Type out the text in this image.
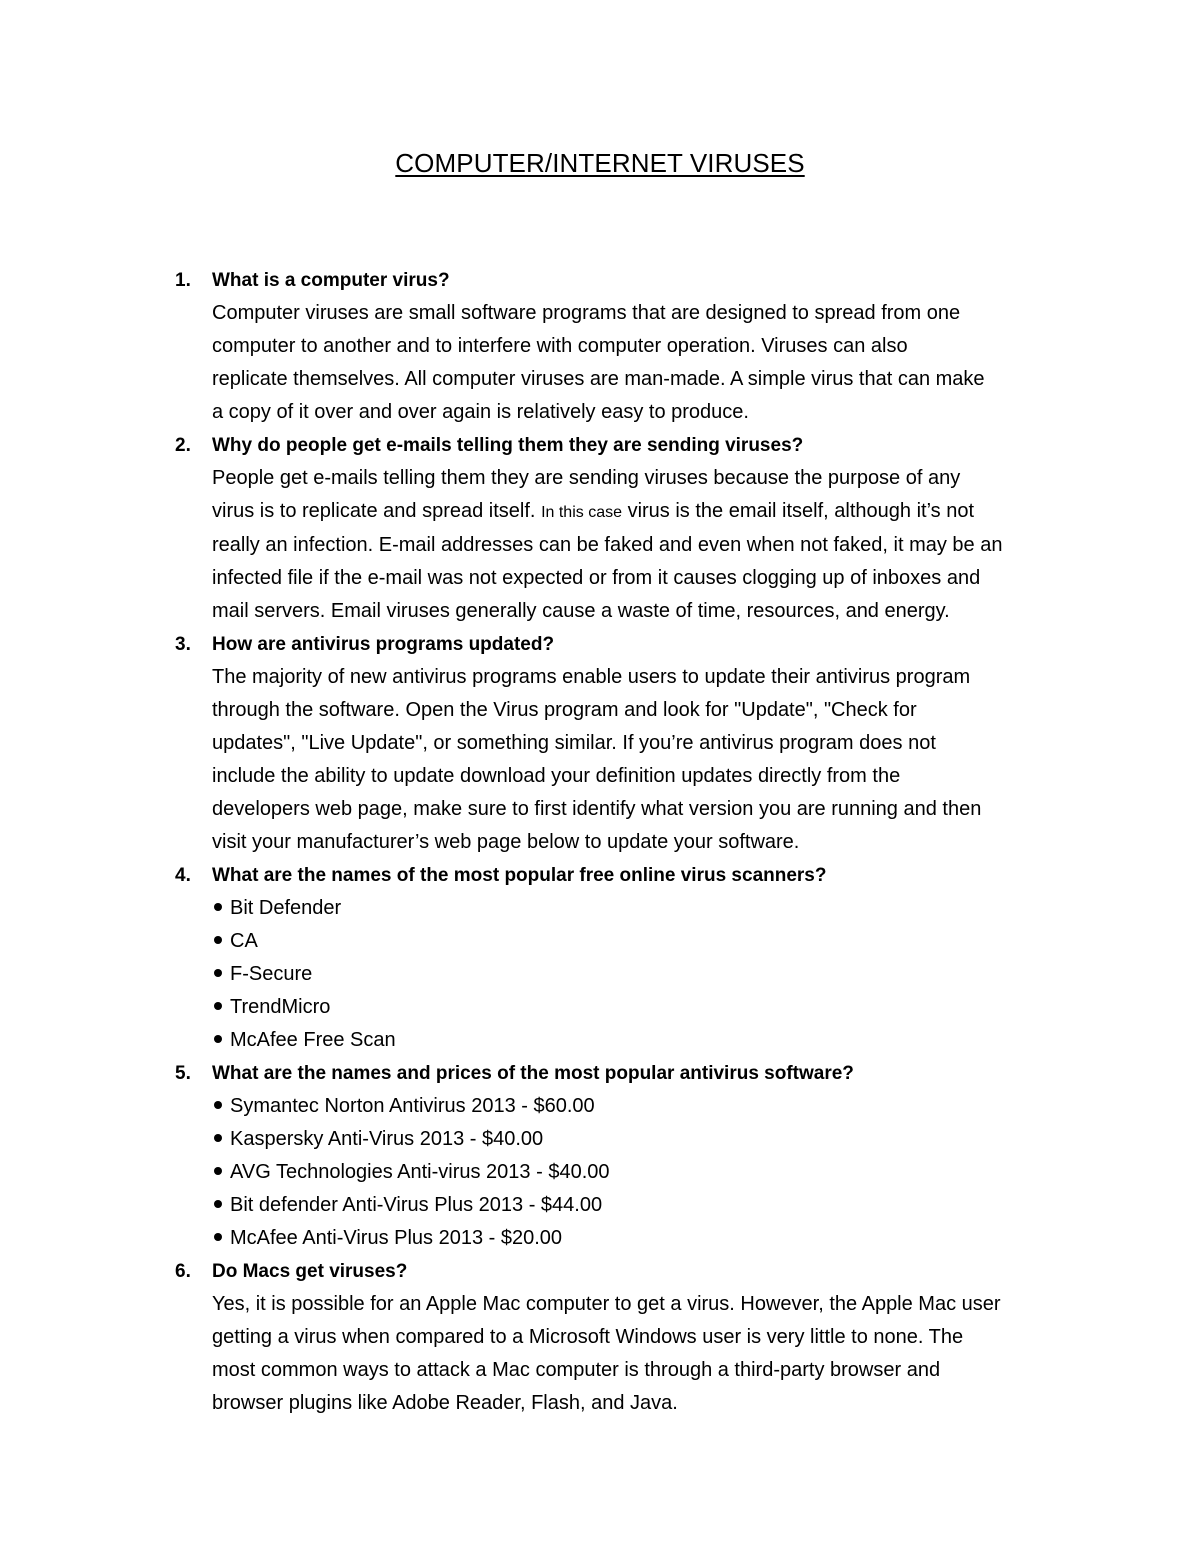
COMPUTER/INTERNET VIRUSES
1. What is a computer virus?
Computer viruses are small software programs that are designed to spread from one
computer to another and to interfere with computer operation. Viruses can also
replicate themselves. All computer viruses are man-made. A simple virus that can make
a copy of it over and over again is relatively easy to produce.
2. Why do people get e-mails telling them they are sending viruses?
People get e-mails telling them they are sending viruses because the purpose of any
virus is to replicate and spread itself. In this case virus is the email itself, although it’s not
really an infection. E-mail addresses can be faked and even when not faked, it may be an
infected file if the e-mail was not expected or from it causes clogging up of inboxes and
mail servers. Email viruses generally cause a waste of time, resources, and energy.
3. How are antivirus programs updated?
The majority of new antivirus programs enable users to update their antivirus program
through the software. Open the Virus program and look for "Update", "Check for
updates", "Live Update", or something similar. If you’re antivirus program does not
include the ability to update download your definition updates directly from the
developers web page, make sure to first identify what version you are running and then
visit your manufacturer’s web page below to update your software.
4. What are the names of the most popular free online virus scanners?
Bit Defender
CA
F-Secure
TrendMicro
McAfee Free Scan
5. What are the names and prices of the most popular antivirus software?
Symantec Norton Antivirus 2013 - $60.00
Kaspersky Anti-Virus 2013 - $40.00
AVG Technologies Anti-virus 2013 - $40.00
Bit defender Anti-Virus Plus 2013 - $44.00
McAfee Anti-Virus Plus 2013 - $20.00
6. Do Macs get viruses?
Yes, it is possible for an Apple Mac computer to get a virus. However, the Apple Mac user
getting a virus when compared to a Microsoft Windows user is very little to none. The
most common ways to attack a Mac computer is through a third-party browser and
browser plugins like Adobe Reader, Flash, and Java.
